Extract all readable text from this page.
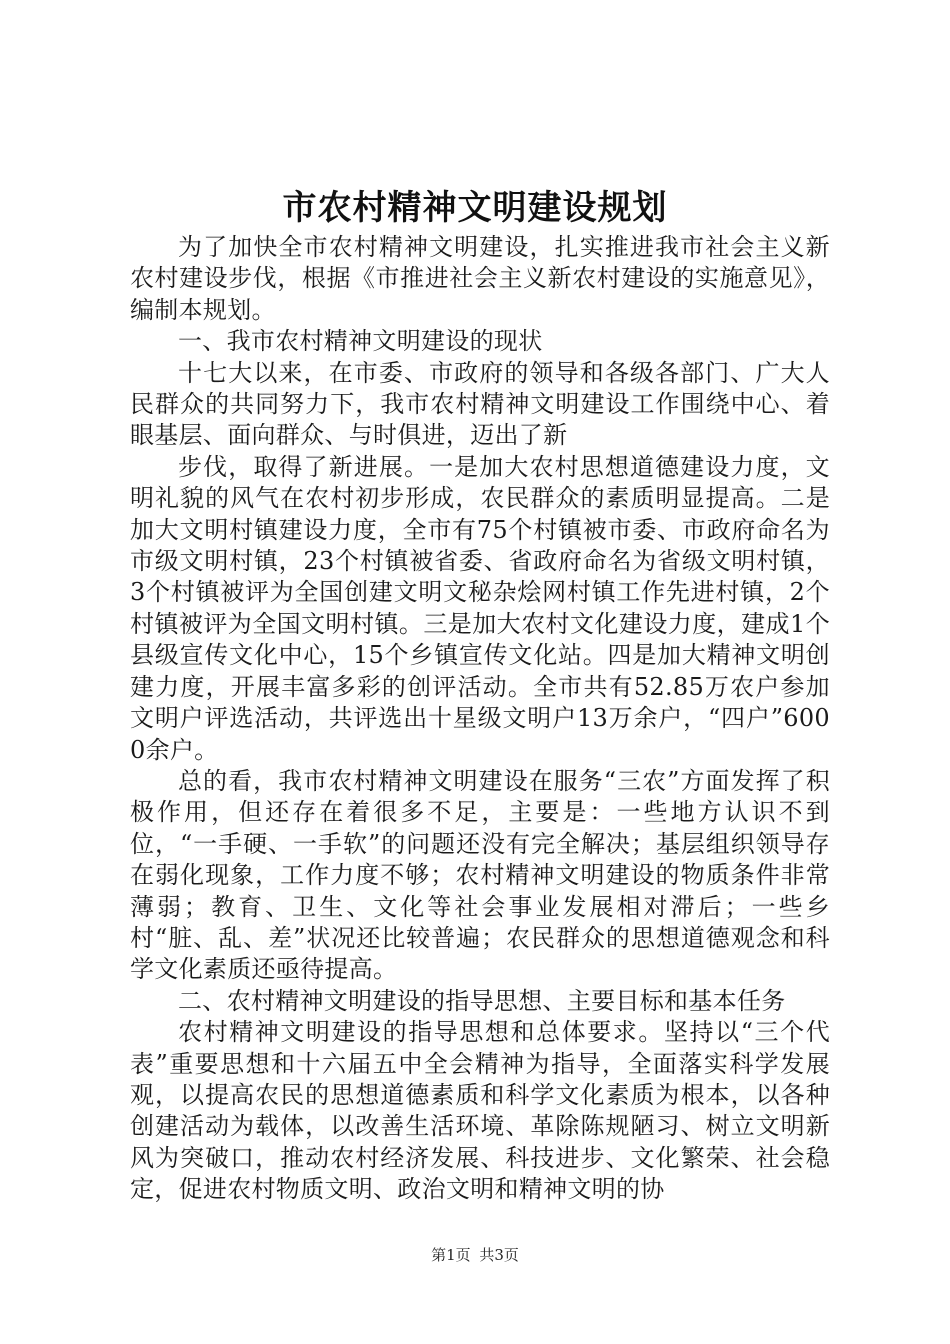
市农村精神文明建设规划

为了加快全市农村精神文明建设，扎实推进我市社会主义新农村建设步伐，根据《市推进社会主义新农村建设的实施意见》，编制本规划。

一、我市农村精神文明建设的现状

十七大以来，在市委、市政府的领导和各级各部门、广大人民群众的共同努力下，我市农村精神文明建设工作围绕中心、着眼基层、面向群众、与时俱进，迈出了新

步伐，取得了新进展。一是加大农村思想道德建设力度，文明礼貌的风气在农村初步形成，农民群众的素质明显提高。二是加大文明村镇建设力度，全市有75个村镇被市委、市政府命名为市级文明村镇，23个村镇被省委、省政府命名为省级文明村镇，3个村镇被评为全国创建文明文秘杂烩网村镇工作先进村镇，2个村镇被评为全国文明村镇。三是加大农村文化建设力度，建成1个县级宣传文化中心，15个乡镇宣传文化站。四是加大精神文明创建力度，开展丰富多彩的创评活动。全市共有52.85万农户参加文明户评选活动，共评选出十星级文明户13万余户，“四户”6000余户。

总的看，我市农村精神文明建设在服务“三农”方面发挥了积极作用，但还存在着很多不足，主要是：一些地方认识不到位，“一手硬、一手软”的问题还没有完全解决；基层组织领导存在弱化现象，工作力度不够；农村精神文明建设的物质条件非常薄弱；教育、卫生、文化等社会事业发展相对滞后；一些乡村“脏、乱、差”状况还比较普遍；农民群众的思想道德观念和科学文化素质还亟待提高。

二、农村精神文明建设的指导思想、主要目标和基本任务

农村精神文明建设的指导思想和总体要求。坚持以“三个代表”重要思想和十六届五中全会精神为指导，全面落实科学发展观，以提高农民的思想道德素质和科学文化素质为根本，以各种创建活动为载体，以改善生活环境、革除陈规陋习、树立文明新风为突破口，推动农村经济发展、科技进步、文化繁荣、社会稳定，促进农村物质文明、政治文明和精神文明的协

第1页 共3页
